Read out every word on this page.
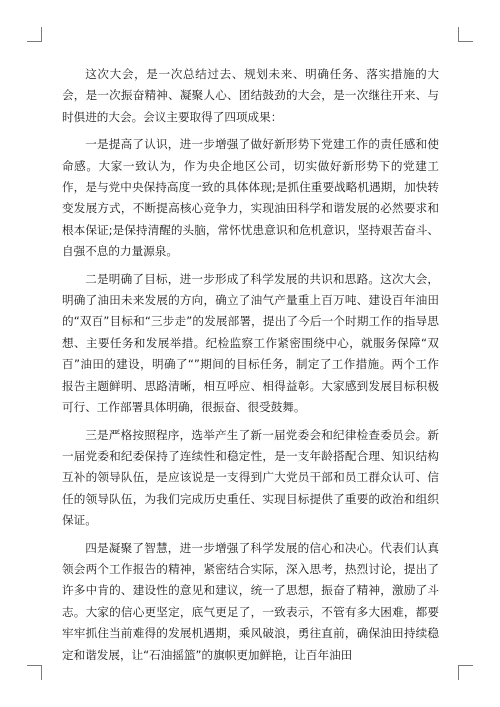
这次大会，是一次总结过去、规划未来、明确任务、落实措施的大会，是一次振奋精神、凝聚人心、团结鼓劲的大会，是一次继往开来、与时俱进的大会。会议主要取得了四项成果：

一是提高了认识，进一步增强了做好新形势下党建工作的责任感和使命感。大家一致认为，作为央企地区公司，切实做好新形势下的党建工作，是与党中央保持高度一致的具体体现;是抓住重要战略机遇期，加快转变发展方式，不断提高核心竞争力，实现油田科学和谐发展的必然要求和根本保证;是保持清醒的头脑，常怀忧患意识和危机意识，坚持艰苦奋斗、自强不息的力量源泉。

二是明确了目标，进一步形成了科学发展的共识和思路。这次大会，明确了油田未来发展的方向，确立了油气产量重上百万吨、建设百年油田的“双百”目标和“三步走”的发展部署，提出了今后一个时期工作的指导思想、主要任务和发展举措。纪检监察工作紧密围绕中心，就服务保障“双百”油田的建设，明确了“”期间的目标任务，制定了工作措施。两个工作报告主题鲜明、思路清晰，相互呼应、相得益彰。大家感到发展目标积极可行、工作部署具体明确，很振奋、很受鼓舞。

三是严格按照程序，选举产生了新一届党委会和纪律检查委员会。新一届党委和纪委保持了连续性和稳定性，是一支年龄搭配合理、知识结构互补的领导队伍，是应该说是一支得到广大党员干部和员工群众认可、信任的领导队伍，为我们完成历史重任、实现目标提供了重要的政治和组织保证。

四是凝聚了智慧，进一步增强了科学发展的信心和决心。代表们认真领会两个工作报告的精神，紧密结合实际，深入思考，热烈讨论，提出了许多中肯的、建设性的意见和建议，统一了思想，振奋了精神，激励了斗志。大家的信心更坚定，底气更足了，一致表示，不管有多大困难，都要牢牢抓住当前难得的发展机遇期，乘风破浪，勇往直前，确保油田持续稳定和谐发展，让“石油摇篮”的旗帜更加鲜艳，让百年油田
